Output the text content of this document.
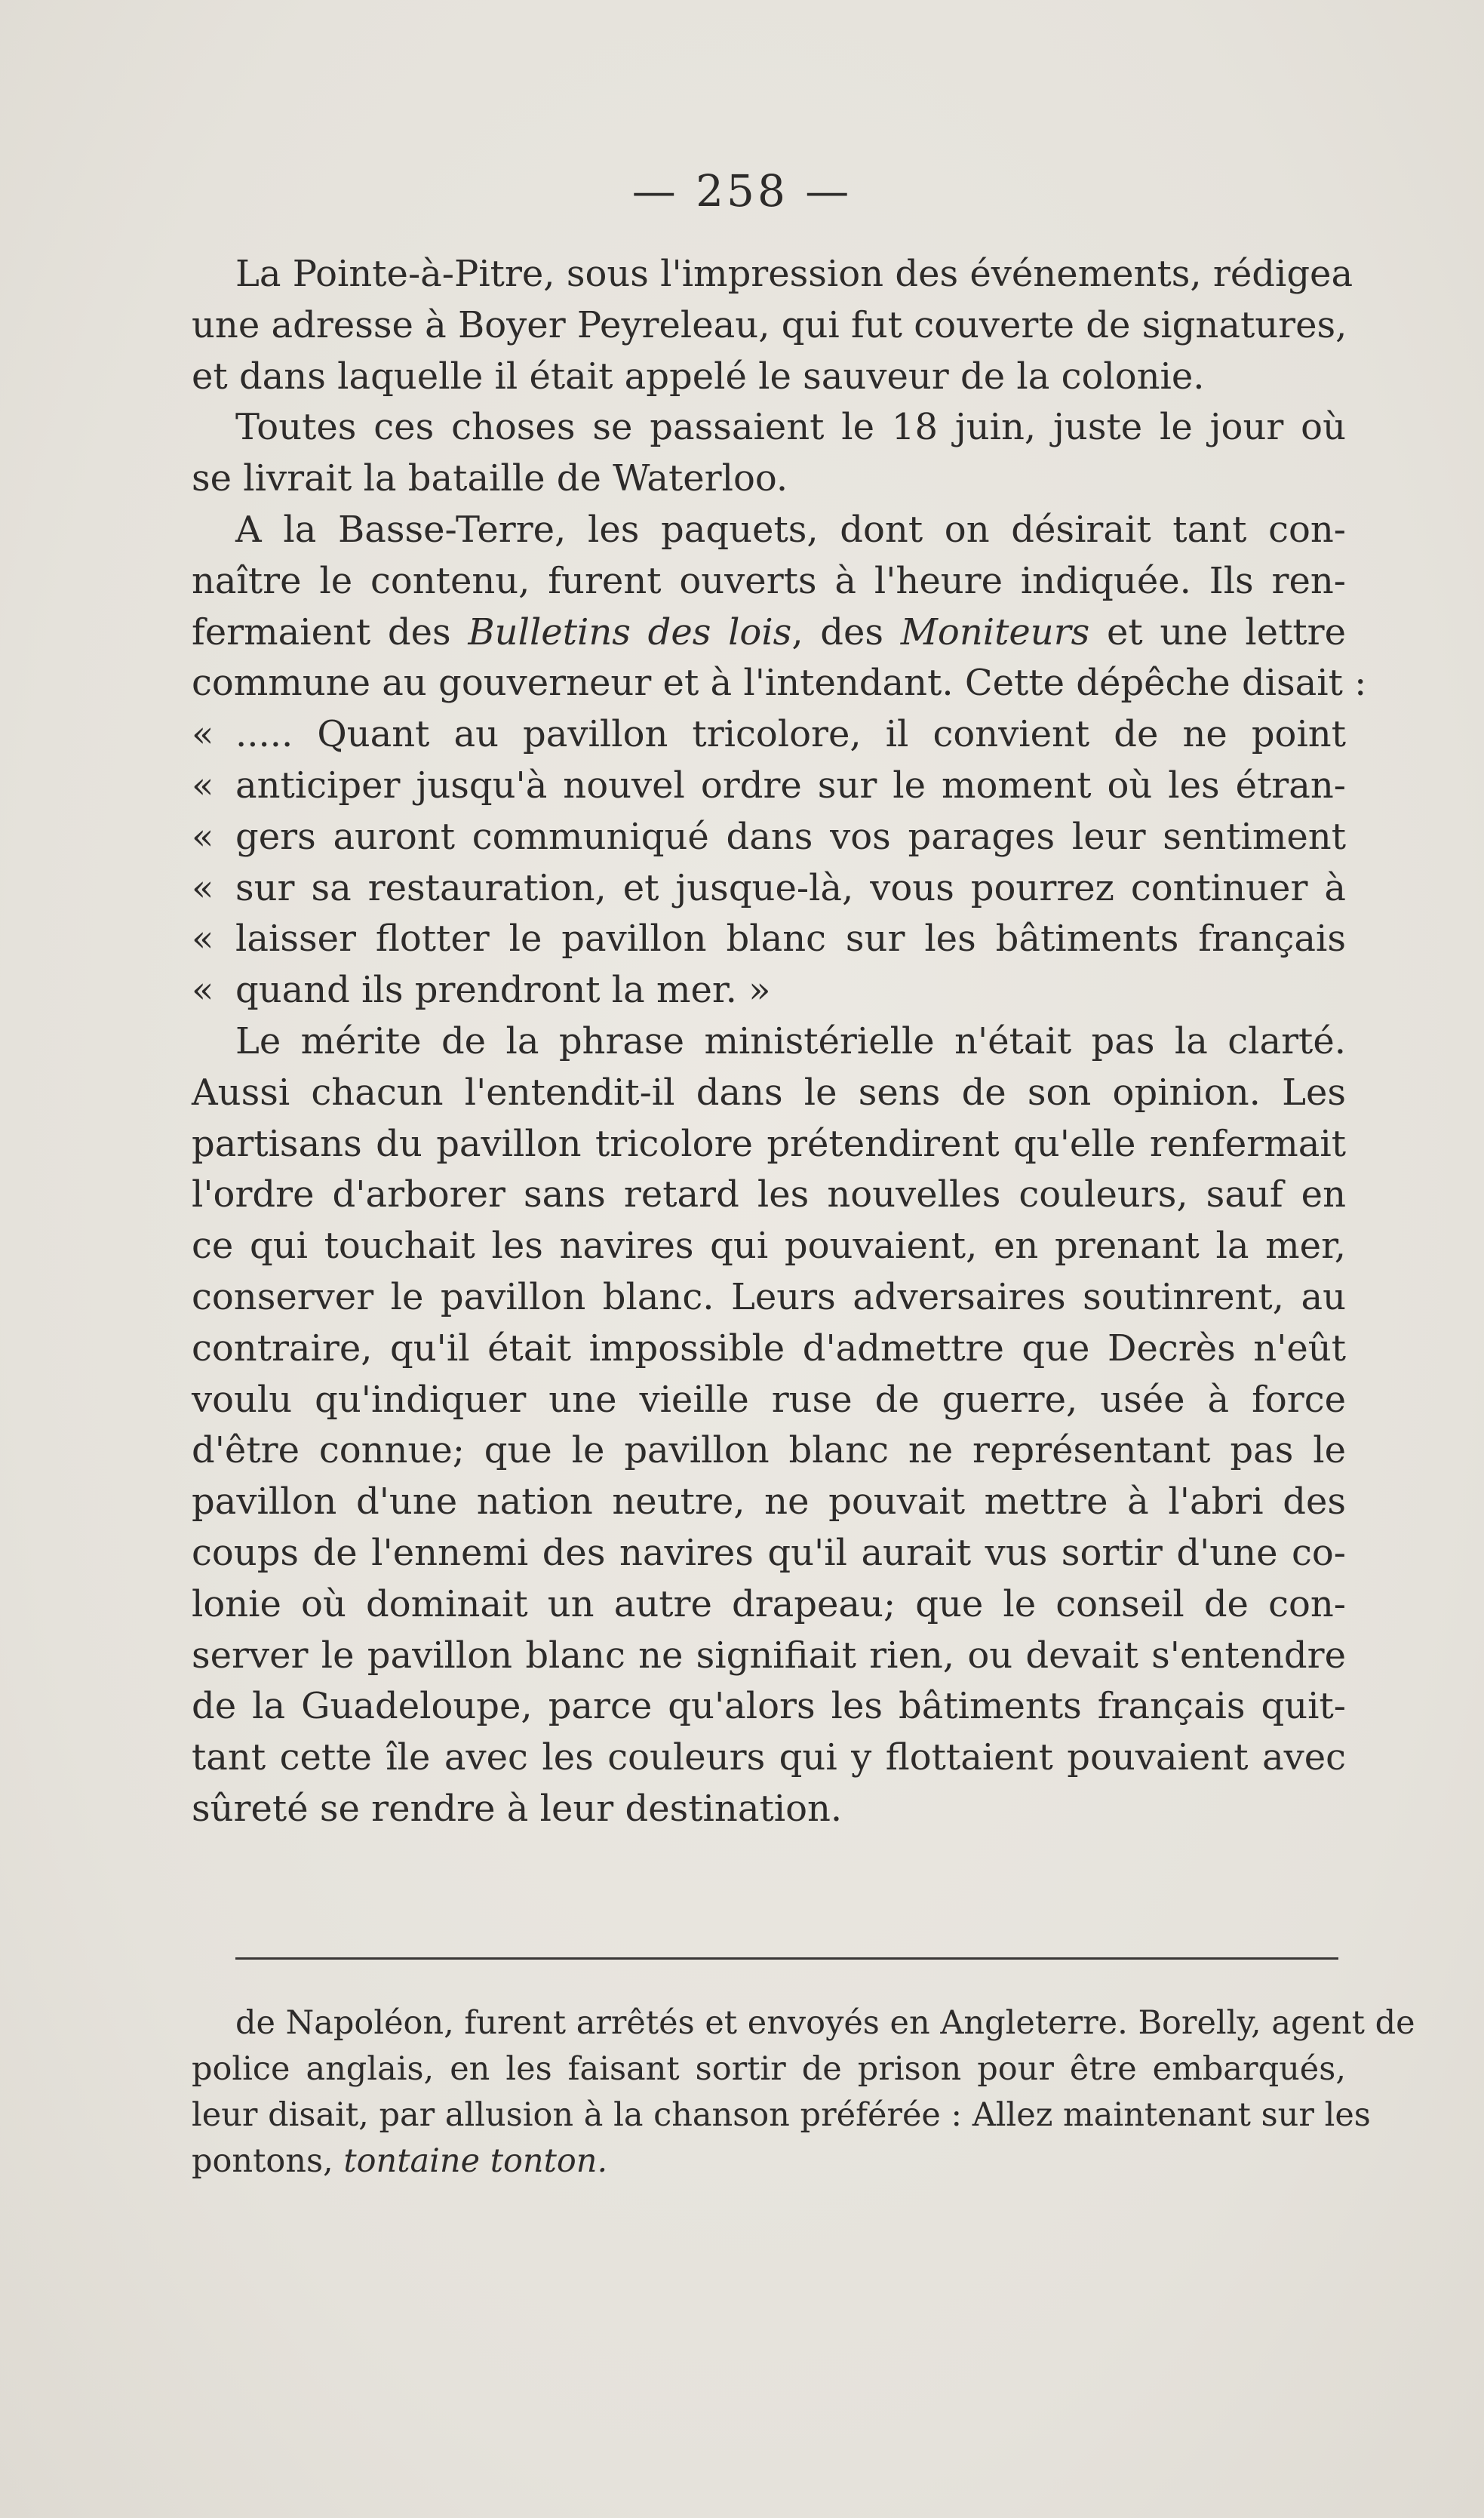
— 258 —
La Pointe-à-Pitre, sous l'impression des événements, rédigea
une adresse à Boyer Peyreleau, qui fut couverte de signatures,
et dans laquelle il était appelé le sauveur de la colonie.
Toutes ces choses se passaient le 18 juin, juste le jour où
se livrait la bataille de Waterloo.
A la Basse-Terre, les paquets, dont on désirait tant con-
naître le contenu, furent ouverts à l'heure indiquée. Ils ren-
fermaient des Bulletins des lois, des Moniteurs et une lettre
commune au gouverneur et à l'intendant. Cette dépêche disait :
« ..... Quant au pavillon tricolore, il convient de ne point
« anticiper jusqu'à nouvel ordre sur le moment où les étran-
« gers auront communiqué dans vos parages leur sentiment
« sur sa restauration, et jusque-là, vous pourrez continuer à
« laisser flotter le pavillon blanc sur les bâtiments français
« quand ils prendront la mer. »
Le mérite de la phrase ministérielle n'était pas la clarté.
Aussi chacun l'entendit-il dans le sens de son opinion. Les
partisans du pavillon tricolore prétendirent qu'elle renfermait
l'ordre d'arborer sans retard les nouvelles couleurs, sauf en
ce qui touchait les navires qui pouvaient, en prenant la mer,
conserver le pavillon blanc. Leurs adversaires soutinrent, au
contraire, qu'il était impossible d'admettre que Decrès n'eût
voulu qu'indiquer une vieille ruse de guerre, usée à force
d'être connue; que le pavillon blanc ne représentant pas le
pavillon d'une nation neutre, ne pouvait mettre à l'abri des
coups de l'ennemi des navires qu'il aurait vus sortir d'une co-
lonie où dominait un autre drapeau; que le conseil de con-
server le pavillon blanc ne signifiait rien, ou devait s'entendre
de la Guadeloupe, parce qu'alors les bâtiments français quit-
tant cette île avec les couleurs qui y flottaient pouvaient avec
sûreté se rendre à leur destination.
de Napoléon, furent arrêtés et envoyés en Angleterre. Borelly, agent de
police anglais, en les faisant sortir de prison pour être embarqués,
leur disait, par allusion à la chanson préférée : Allez maintenant sur les
pontons, tontaine tonton.
